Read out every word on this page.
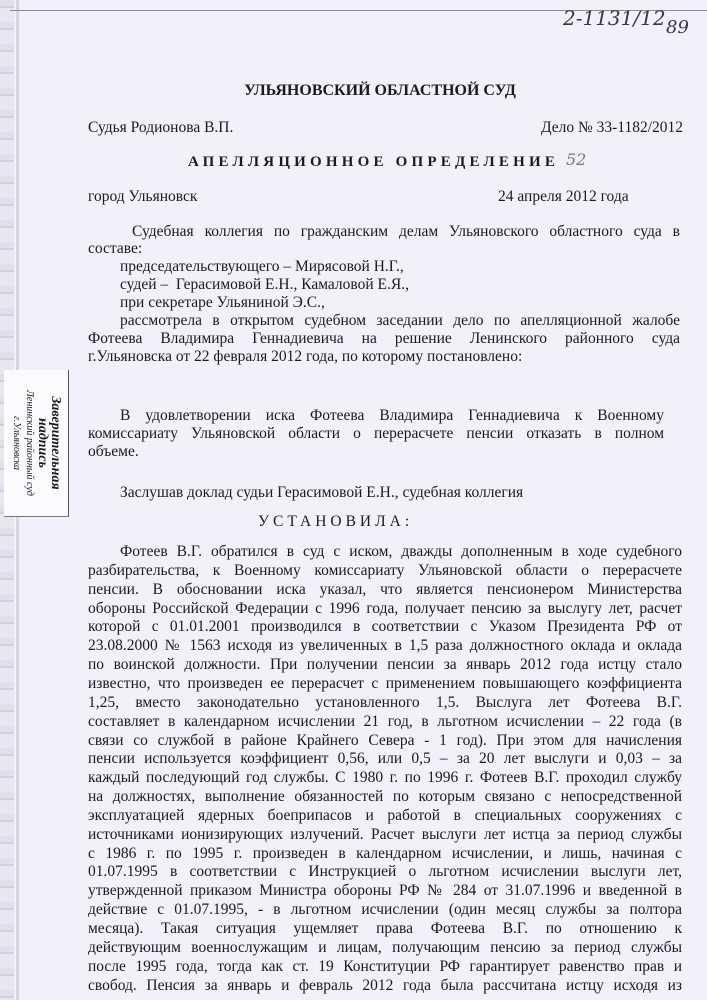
2-1131/12 89
52
УЛЬЯНОВСКИЙ ОБЛАСТНОЙ СУД
Судья Родионова В.П.	Дело № 33-1182/2012
АПЕЛЛЯЦИОННОЕ ОПРЕДЕЛЕНИЕ
город Ульяновск	24 апреля 2012 года
Судебная коллегия по гражданским делам Ульяновского областного суда в
составе:
председательствующего – Мирясовой Н.Г.,
судей –  Герасимовой Е.Н., Камаловой Е.Я.,
при секретаре Ульяниной Э.С.,
рассмотрела в открытом судебном заседании дело по апелляционной жалобе
Фотеева Владимира Геннадиевича на решение Ленинского районного суда
г.Ульяновска от 22 февраля 2012 года, по которому постановлено:
В удовлетворении иска Фотеева Владимира Геннадиевича к Военному
комиссариату Ульяновской области о перерасчете пенсии отказать в полном
объеме.
Заслушав доклад судьи Герасимовой Е.Н., судебная коллегия
УСТАНОВИЛА:
Заверительная
надпись
Ленинский районный суд
г.Ульяновска
Фотеев В.Г. обратился в суд с иском, дважды дополненным в ходе судебного
разбирательства, к Военному комиссариату Ульяновской области о перерасчете
пенсии. В обосновании иска указал, что является пенсионером Министерства
обороны Российской Федерации с 1996 года, получает пенсию за выслугу лет, расчет
которой с 01.01.2001 производился в соответствии с Указом Президента РФ от
23.08.2000 № 1563 исходя из увеличенных в 1,5 раза должностного оклада и оклада
по воинской должности. При получении пенсии за январь 2012 года истцу стало
известно, что произведен ее перерасчет с применением повышающего коэффициента
1,25, вместо законодательно установленного 1,5. Выслуга лет Фотеева В.Г.
составляет в календарном исчислении 21 год, в льготном исчислении – 22 года (в
связи со службой в районе Крайнего Севера - 1 год). При этом для начисления
пенсии используется коэффициент 0,56, или 0,5 – за 20 лет выслуги и 0,03 – за
каждый последующий год службы. С 1980 г. по 1996 г. Фотеев В.Г. проходил службу
на должностях, выполнение обязанностей по которым связано с непосредственной
эксплуатацией ядерных боеприпасов и работой в специальных сооружениях с
источниками ионизирующих излучений. Расчет выслуги лет истца за период службы
с 1986 г. по 1995 г. произведен в календарном исчислении, и лишь, начиная с
01.07.1995 в соответствии с Инструкцией о льготном исчислении выслуги лет,
утвержденной приказом Министра обороны РФ № 284 от 31.07.1996 и введенной в
действие с 01.07.1995, - в льготном исчислении (один месяц службы за полтора
месяца). Такая ситуация ущемляет права Фотеева В.Г. по отношению к
действующим военнослужащим и лицам, получающим пенсию за период службы
после 1995 года, тогда как ст. 19 Конституции РФ гарантирует равенство прав и
свобод. Пенсия за январь и февраль 2012 года была рассчитана истцу исходя из
